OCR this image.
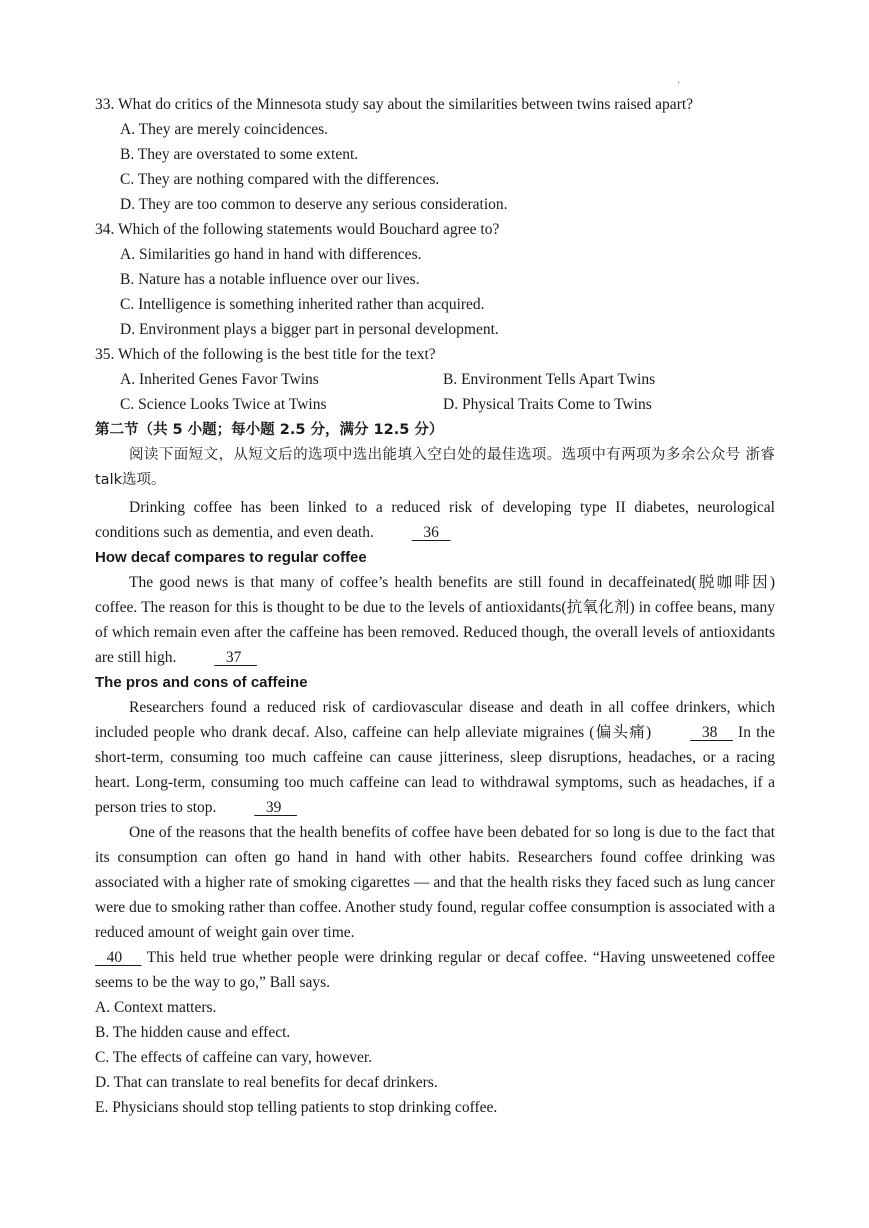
'
33. What do critics of the Minnesota study say about the similarities between twins raised apart?
A. They are merely coincidences.
B. They are overstated to some extent.
C. They are nothing compared with the differences.
D. They are too common to deserve any serious consideration.
34. Which of the following statements would Bouchard agree to?
A. Similarities go hand in hand with differences.
B. Nature has a notable influence over our lives.
C. Intelligence is something inherited rather than acquired.
D. Environment plays a bigger part in personal development.
35. Which of the following is the best title for the text?
A. Inherited Genes Favor Twins	B. Environment Tells Apart Twins
C. Science Looks Twice at Twins	D. Physical Traits Come to Twins
第二节（共 5 小题；每小题 2.5 分，满分 12.5 分）

阅读下面短文，从短文后的选项中选出能填入空白处的最佳选项。选项中有两项为多余公众号 浙睿talk选项。

Drinking coffee has been linked to a reduced risk of developing type II diabetes, neurological conditions such as dementia, and even death.    36

How decaf compares to regular coffee

The good news is that many of coffee’s health benefits are still found in decaffeinated(脱咖啡因) coffee. The reason for this is thought to be due to the levels of antioxidants(抗氧化剂) in coffee beans, many of which remain even after the caffeine has been removed. Reduced though, the overall levels of antioxidants are still high.    37

The pros and cons of caffeine

Researchers found a reduced risk of cardiovascular disease and death in all coffee drinkers, which included people who drank decaf. Also, caffeine can help alleviate migraines (偏头痛)	38     In the short-term, consuming too much caffeine can cause jitteriness, sleep disruptions, headaches, or a racing heart. Long-term, consuming too much caffeine can lead to withdrawal symptoms, such as headaches, if a person tries to stop.    39

One of the reasons that the health benefits of coffee have been debated for so long is due to the fact that its consumption can often go hand in hand with other habits. Researchers found coffee drinking was associated with a higher rate of smoking cigarettes — and that the health risks they faced such as lung cancer were due to smoking rather than coffee. Another study found, regular coffee consumption is associated with a reduced amount of weight gain over time.

40      This held true whether people were drinking regular or decaf coffee. “Having unsweetened coffee seems to be the way to go,” Ball says.

A. Context matters.
B. The hidden cause and effect.
C. The effects of caffeine can vary, however.
D. That can translate to real benefits for decaf drinkers.
E. Physicians should stop telling patients to stop drinking coffee.
